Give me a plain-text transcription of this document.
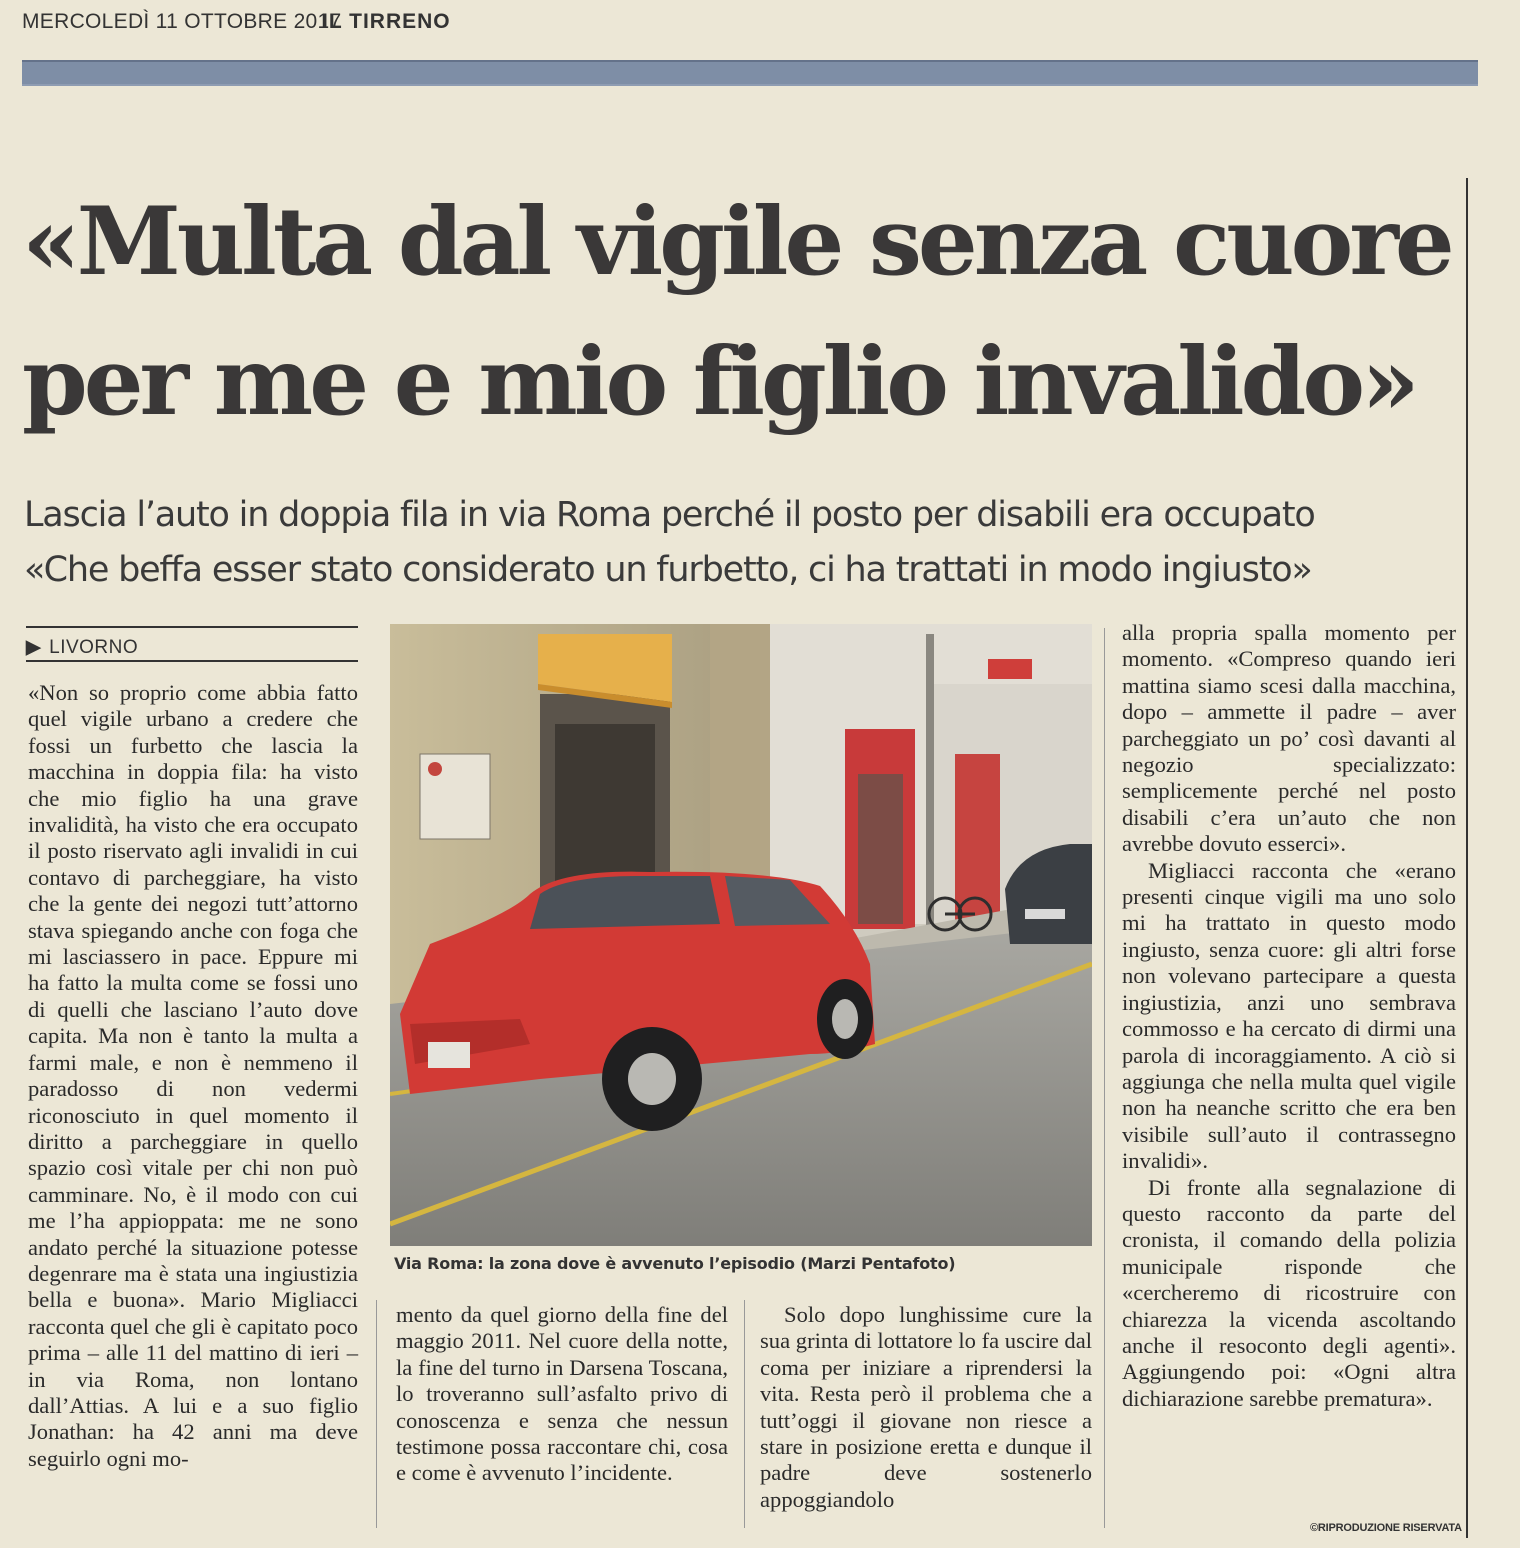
MERCOLEDÌ 11 OTTOBRE 2017
IL TIRRENO
«Multa dal vigile senza cuore
per me e mio figlio invalido»
Lascia l’auto in doppia fila in via Roma perché il posto per disabili era occupato
«Che beffa esser stato considerato un furbetto, ci ha trattati in modo ingiusto»
▶ LIVORNO

«Non so proprio come abbia fatto quel vigile urbano a credere che fossi un furbetto che lascia la macchina in doppia fila: ha visto che mio figlio ha una grave invalidità, ha visto che era occupato il posto riservato agli invalidi in cui contavo di parcheggiare, ha visto che la gente dei negozi tutt’attorno stava spiegando anche con foga che mi lasciassero in pace. Eppure mi ha fatto la multa come se fossi uno di quelli che lasciano l’auto dove capita. Ma non è tanto la multa a farmi male, e non è nemmeno il paradosso di non vedermi riconosciuto in quel momento il diritto a parcheggiare in quello spazio così vitale per chi non può camminare. No, è il modo con cui me l’ha appioppata: me ne sono andato perché la situazione potesse degenrare ma è stata una ingiustizia bella e buona». Mario Migliacci racconta quel che gli è capitato poco prima – alle 11 del mattino di ieri – in via Roma, non lontano dall’Attias. A lui e a suo figlio Jonathan: ha 42 anni ma deve seguirlo ogni mo-

mento da quel giorno della fine del maggio 2011. Nel cuore della notte, la fine del turno in Darsena Toscana, lo troveranno sull’asfalto privo di conoscenza e senza che nessun testimone possa raccontare chi, cosa e come è avvenuto l’incidente.

Solo dopo lunghissime cure la sua grinta di lottatore lo fa uscire dal coma per iniziare a riprendersi la vita. Resta però il problema che a tutt’oggi il giovane non riesce a stare in posizione eretta e dunque il padre deve sostenerlo appoggiandolo

alla propria spalla momento per momento. «Compreso quando ieri mattina siamo scesi dalla macchina, dopo – ammette il padre – aver parcheggiato un po’ così davanti al negozio specializzato: semplicemente perché nel posto disabili c’era un’auto che non avrebbe dovuto esserci».

Migliacci racconta che «erano presenti cinque vigili ma uno solo mi ha trattato in questo modo ingiusto, senza cuore: gli altri forse non volevano partecipare a questa ingiustizia, anzi uno sembrava commosso e ha cercato di dirmi una parola di incoraggiamento. A ciò si aggiunga che nella multa quel vigile non ha neanche scritto che era ben visibile sull’auto il contrassegno invalidi».

Di fronte alla segnalazione di questo racconto da parte del cronista, il comando della polizia municipale risponde che «cercheremo di ricostruire con chiarezza la vicenda ascoltando anche il resoconto degli agenti». Aggiungendo poi: «Ogni altra dichiarazione sarebbe prematura».

Via Roma: la zona dove è avvenuto l’episodio (Marzi Pentafoto)
©RIPRODUZIONE RISERVATA
